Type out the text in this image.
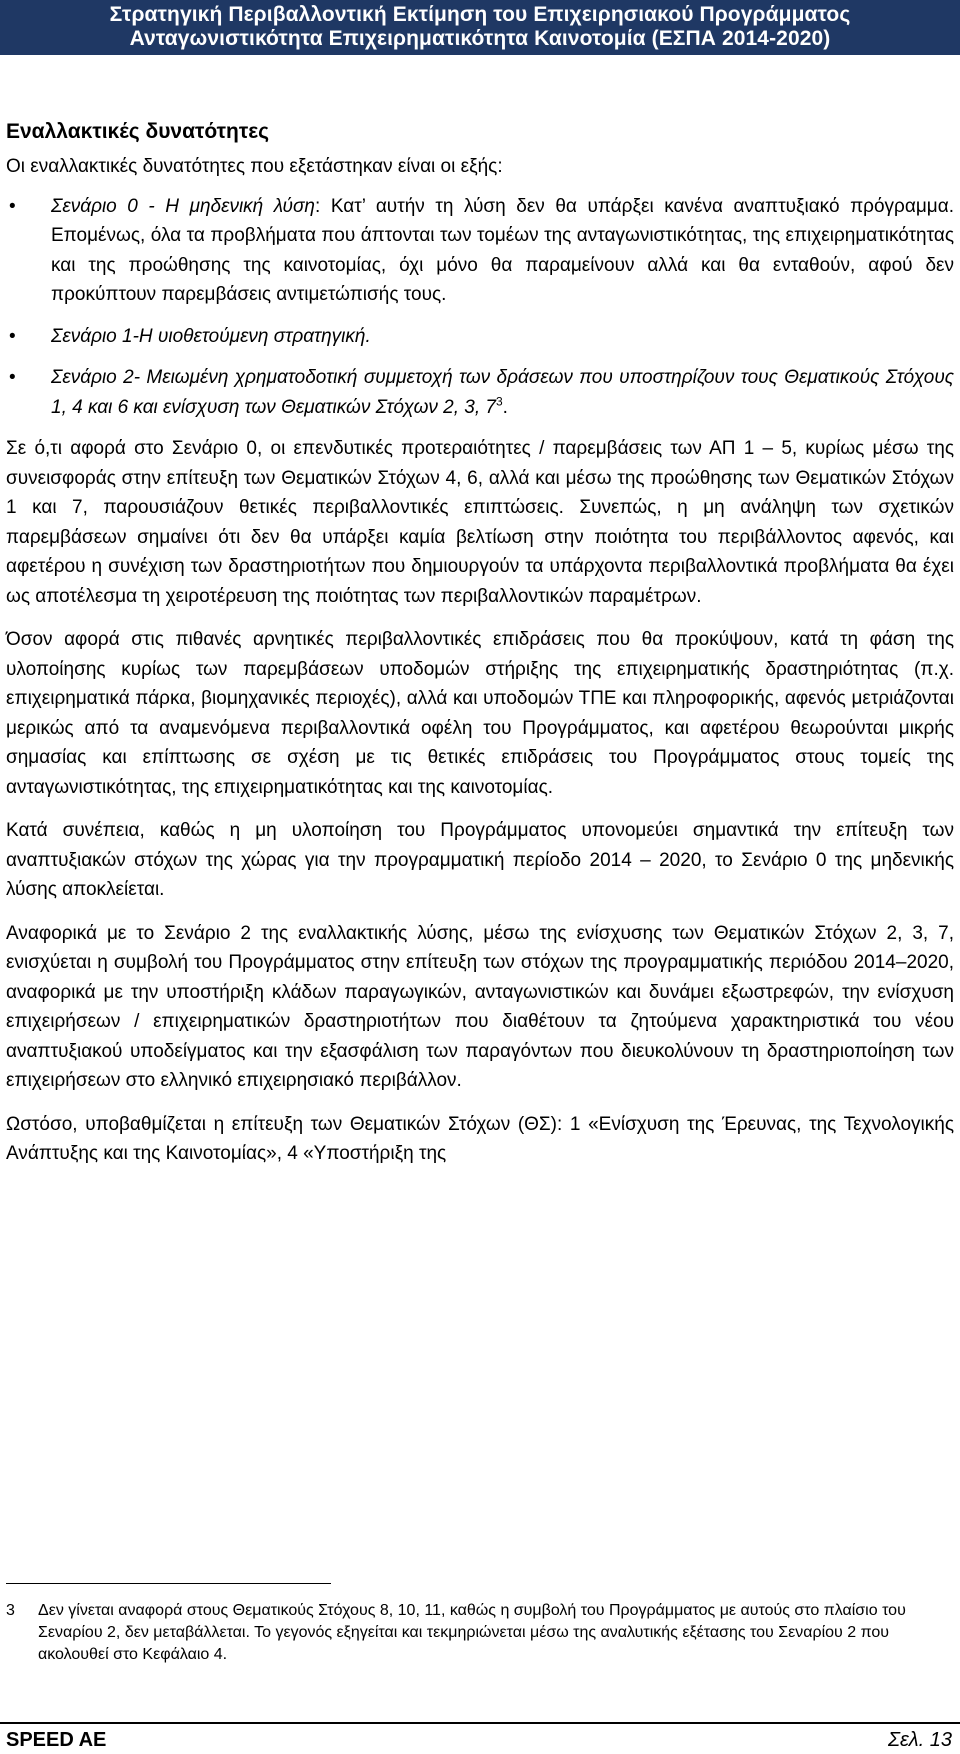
Στρατηγική Περιβαλλοντική Εκτίμηση του Επιχειρησιακού Προγράμματος
Ανταγωνιστικότητα Επιχειρηματικότητα Καινοτομία (ΕΣΠΑ 2014-2020)
Εναλλακτικές δυνατότητες

Οι εναλλακτικές δυνατότητες που εξετάστηκαν είναι οι εξής:

• Σενάριο 0 - Η μηδενική λύση: Κατ’ αυτήν τη λύση δεν θα υπάρξει κανένα αναπτυξιακό πρόγραμμα. Επομένως, όλα τα προβλήματα που άπτονται των τομέων της ανταγωνιστικότητας, της επιχειρηματικότητας και της προώθησης της καινοτομίας, όχι μόνο θα παραμείνουν αλλά και θα ενταθούν, αφού δεν προκύπτουν παρεμβάσεις αντιμετώπισής τους.
• Σενάριο 1-Η υιοθετούμενη στρατηγική.
• Σενάριο 2- Μειωμένη χρηματοδοτική συμμετοχή των δράσεων που υποστηρίζουν τους Θεματικούς Στόχους 1, 4 και 6 και ενίσχυση των Θεματικών Στόχων 2, 3, $7^3$.

Σε ό,τι αφορά στο Σενάριο 0, οι επενδυτικές προτεραιότητες / παρεμβάσεις των ΑΠ 1 – 5, κυρίως μέσω της συνεισφοράς στην επίτευξη των Θεματικών Στόχων 4, 6, αλλά και μέσω της προώθησης των Θεματικών Στόχων 1 και 7, παρουσιάζουν θετικές περιβαλλοντικές επιπτώσεις. Συνεπώς, η μη ανάληψη των σχετικών παρεμβάσεων σημαίνει ότι δεν θα υπάρξει καμία βελτίωση στην ποιότητα του περιβάλλοντος αφενός, και αφετέρου η συνέχιση των δραστηριοτήτων που δημιουργούν τα υπάρχοντα περιβαλλοντικά προβλήματα θα έχει ως αποτέλεσμα τη χειροτέρευση της ποιότητας των περιβαλλοντικών παραμέτρων.

Όσον αφορά στις πιθανές αρνητικές περιβαλλοντικές επιδράσεις που θα προκύψουν, κατά τη φάση της υλοποίησης κυρίως των παρεμβάσεων υποδομών στήριξης της επιχειρηματικής δραστηριότητας (π.χ. επιχειρηματικά πάρκα, βιομηχανικές περιοχές), αλλά και υποδομών ΤΠΕ και πληροφορικής, αφενός μετριάζονται μερικώς από τα αναμενόμενα περιβαλλοντικά οφέλη του Προγράμματος, και αφετέρου θεωρούνται μικρής σημασίας και επίπτωσης σε σχέση με τις θετικές επιδράσεις του Προγράμματος στους τομείς της ανταγωνιστικότητας, της επιχειρηματικότητας και της καινοτομίας.

Κατά συνέπεια, καθώς η μη υλοποίηση του Προγράμματος υπονομεύει σημαντικά την επίτευξη των αναπτυξιακών στόχων της χώρας για την προγραμματική περίοδο 2014 – 2020, το Σενάριο 0 της μηδενικής λύσης αποκλείεται.

Αναφορικά με το Σενάριο 2 της εναλλακτικής λύσης, μέσω της ενίσχυσης των Θεματικών Στόχων 2, 3, 7, ενισχύεται η συμβολή του Προγράμματος στην επίτευξη των στόχων της προγραμματικής περιόδου 2014–2020, αναφορικά με την υποστήριξη κλάδων παραγωγικών, ανταγωνιστικών και δυνάμει εξωστρεφών, την ενίσχυση επιχειρήσεων / επιχειρηματικών δραστηριοτήτων που διαθέτουν τα ζητούμενα χαρακτηριστικά του νέου αναπτυξιακού υποδείγματος και την εξασφάλιση των παραγόντων που διευκολύνουν τη δραστηριοποίηση των επιχειρήσεων στο ελληνικό επιχειρησιακό περιβάλλον.

Ωστόσο, υποβαθμίζεται η επίτευξη των Θεματικών Στόχων (ΘΣ): 1 «Ενίσχυση της Έρευνας, της Τεχνολογικής Ανάπτυξης και της Καινοτομίας», 4 «Υποστήριξη της

3 Δεν γίνεται αναφορά στους Θεματικούς Στόχους 8, 10, 11, καθώς η συμβολή του Προγράμματος με αυτούς στο πλαίσιο του Σεναρίου 2, δεν μεταβάλλεται. Το γεγονός εξηγείται και τεκμηριώνεται μέσω της αναλυτικής εξέτασης του Σεναρίου 2 που ακολουθεί στο Κεφάλαιο 4.
SPEED AE	Σελ. 13
